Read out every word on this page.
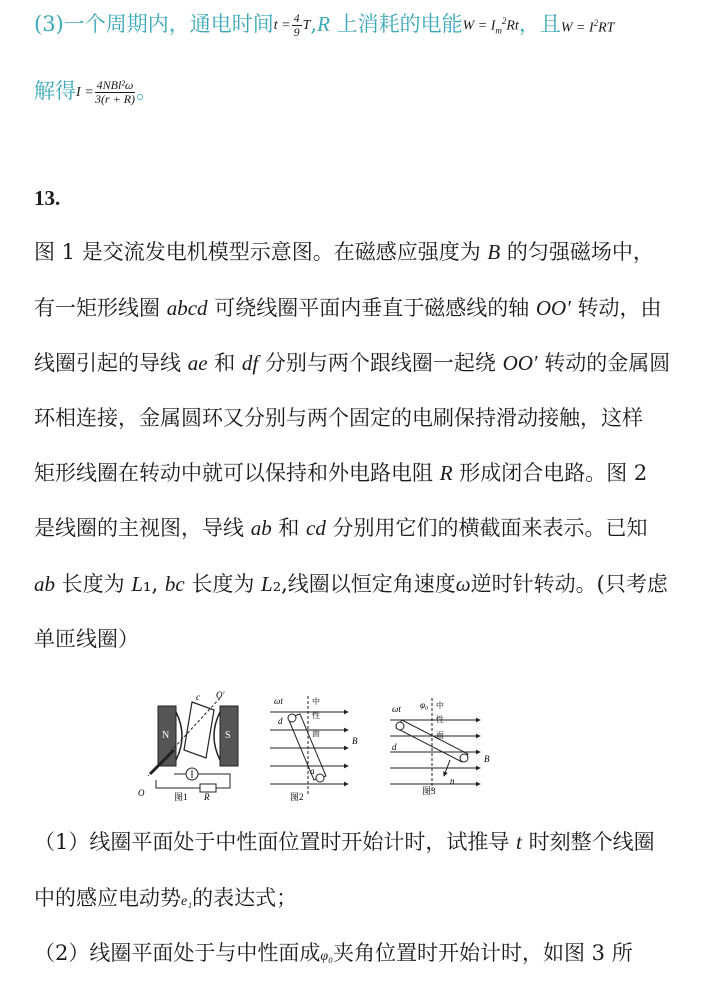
(3)一个周期内，通电时间$t = \frac{4}{9} T,R$ 上消耗的电能$W = I_m^2Rt$，且$W = I^2RT$
解得$I = \frac{\text{4NBl²ω}}{3(r + R)}$ 。
13.
图 1 是交流发电机模型示意图。在磁感应强度为 B 的匀强磁场中，
有一矩形线圈 abcd 可绕线圈平面内垂直于磁感线的轴 OO′ 转动，由
线圈引起的导线 ae 和 df 分别与两个跟线圈一起绕 OO′ 转动的金属圆
环相连接，金属圆环又分别与两个固定的电刷保持滑动接触，这样
矩形线圈在转动中就可以保持和外电路电阻 R 形成闭合电路。图 2
是线圈的主视图，导线 ab 和 cd 分别用它们的横截面来表示。已知
ab 长度为 L₁, bc 长度为 L₂,线圈以恒定角速度ω逆时针转动。(只考虑
单匝线圈）
N	S
c O′
O	图1 R
ωt
d
中
性
面
B
a
图2
ωt φ₀ 中
性
面
d
B
n
图3
（1）线圈平面处于中性面位置时开始计时，试推导 t 时刻整个线圈
中的感应电动势e₁的表达式；
（2）线圈平面处于与中性面成φ₀夹角位置时开始计时，如图 3 所
